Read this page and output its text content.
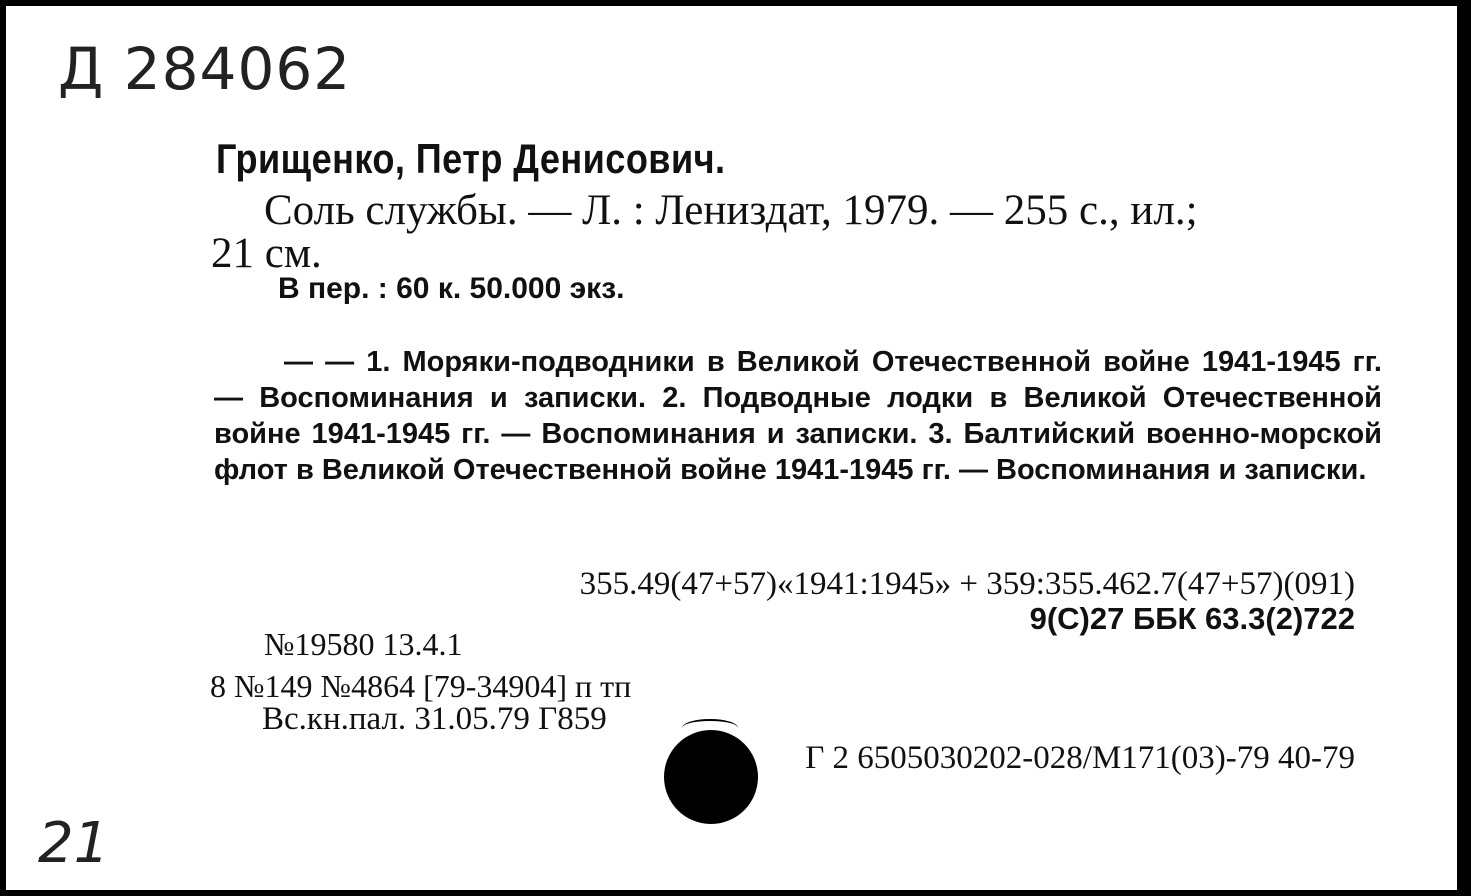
Д 284062
Грищенко, Петр Денисович.
Соль службы. — Л. : Лениздат, 1979. — 255 с., ил.;
21 см.
В пер. : 60 к. 50.000 экз.
— — 1. Моряки-подводники в Великой Отечественной войне 1941-1945 гг. — Воспоминания и записки. 2. Подводные лодки в Великой Отечественной войне 1941-1945 гг. — Воспоминания и записки. 3. Балтийский военно-морской флот в Великой Отечественной войне 1941-1945 гг. — Воспоминания и записки.
355.49(47+57)«1941:1945» + 359:355.462.7(47+57)(091)
9(С)27 ББК 63.3(2)722
№19580 13.4.1
8 №149 №4864 [79-34904] п тп
Вс.кн.пал. 31.05.79 Г859
Г 2 6505030202-028/М171(03)-79 40-79
21
